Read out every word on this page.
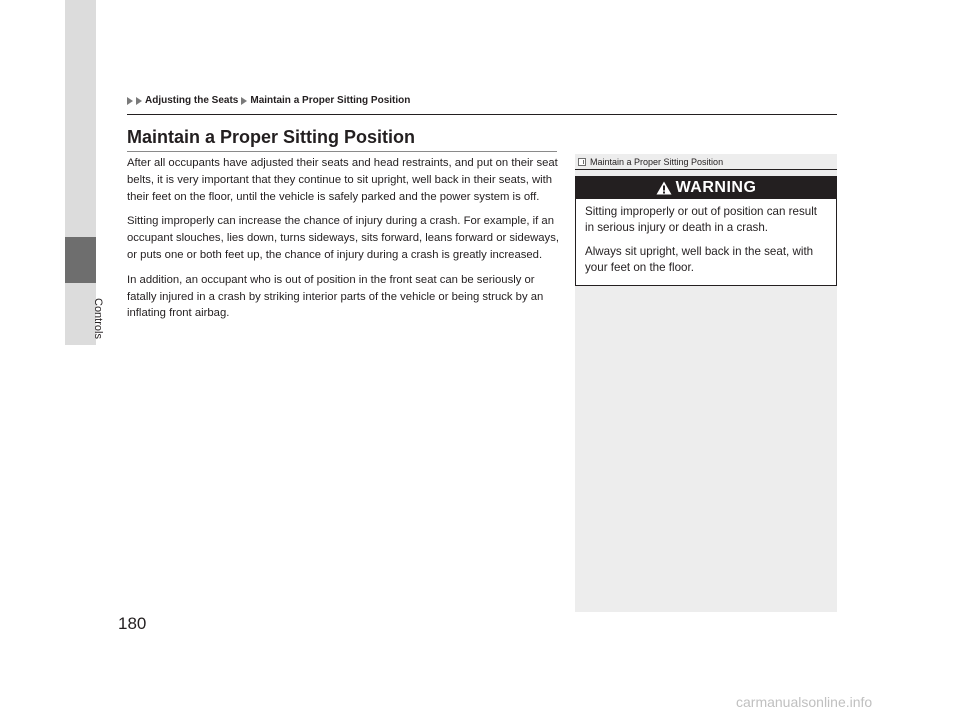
Controls
Adjusting the Seats Maintain a Proper Sitting Position
Maintain a Proper Sitting Position

After all occupants have adjusted their seats and head restraints, and put on their seat belts, it is very important that they continue to sit upright, well back in their seats, with their feet on the floor, until the vehicle is safely parked and the power system is off.

Sitting improperly can increase the chance of injury during a crash. For example, if an occupant slouches, lies down, turns sideways, sits forward, leans forward or sideways, or puts one or both feet up, the chance of injury during a crash is greatly increased.

In addition, an occupant who is out of position in the front seat can be seriously or fatally injured in a crash by striking interior parts of the vehicle or being struck by an inflating front airbag.

Maintain a Proper Sitting Position
WARNING

Sitting improperly or out of position can result in serious injury or death in a crash.

Always sit upright, well back in the seat, with your feet on the floor.

180
carmanualsonline.info
